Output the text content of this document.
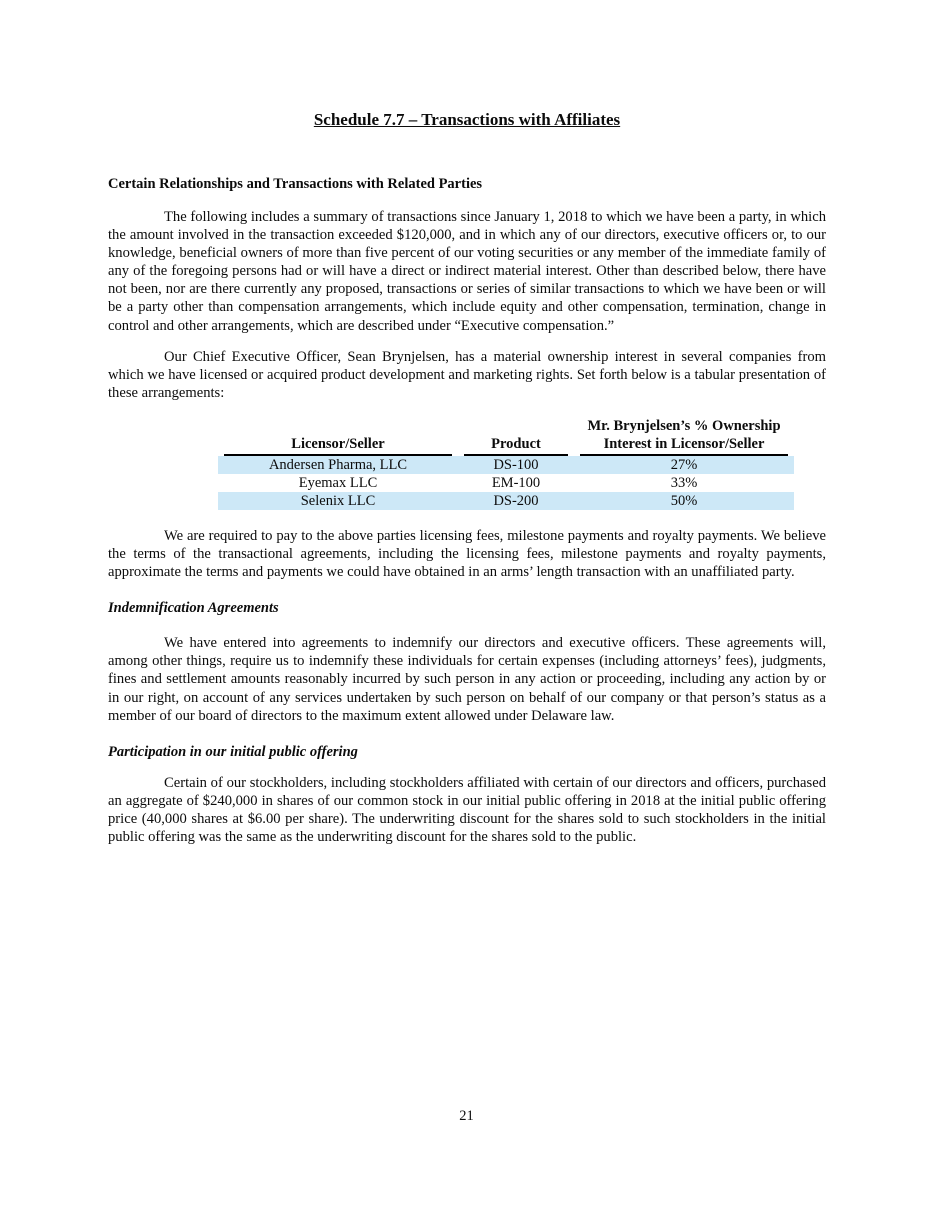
Schedule 7.7 – Transactions with Affiliates
Certain Relationships and Transactions with Related Parties

The following includes a summary of transactions since January 1, 2018 to which we have been a party, in which the amount involved in the transaction exceeded $120,000, and in which any of our directors, executive officers or, to our knowledge, beneficial owners of more than five percent of our voting securities or any member of the immediate family of any of the foregoing persons had or will have a direct or indirect material interest. Other than described below, there have not been, nor are there currently any proposed, transactions or series of similar transactions to which we have been or will be a party other than compensation arrangements, which include equity and other compensation, termination, change in control and other arrangements, which are described under “Executive compensation.”

Our Chief Executive Officer, Sean Brynjelsen, has a material ownership interest in several companies from which we have licensed or acquired product development and marketing rights. Set forth below is a tabular presentation of these arrangements:

Licensor/Seller	Product	Mr. Brynjelsen’s % Ownership
Interest in Licensor/Seller

Andersen Pharma, LLC	DS-100	27%
Eyemax LLC	EM-100	33%
Selenix LLC	DS-200	50%

We are required to pay to the above parties licensing fees, milestone payments and royalty payments. We believe the terms of the transactional agreements, including the licensing fees, milestone payments and royalty payments, approximate the terms and payments we could have obtained in an arms’ length transaction with an unaffiliated party.

Indemnification Agreements

We have entered into agreements to indemnify our directors and executive officers. These agreements will, among other things, require us to indemnify these individuals for certain expenses (including attorneys’ fees), judgments, fines and settlement amounts reasonably incurred by such person in any action or proceeding, including any action by or in our right, on account of any services undertaken by such person on behalf of our company or that person’s status as a member of our board of directors to the maximum extent allowed under Delaware law.

Participation in our initial public offering

Certain of our stockholders, including stockholders affiliated with certain of our directors and officers, purchased an aggregate of $240,000 in shares of our common stock in our initial public offering in 2018 at the initial public offering price (40,000 shares at $6.00 per share). The underwriting discount for the shares sold to such stockholders in the initial public offering was the same as the underwriting discount for the shares sold to the public.

21
